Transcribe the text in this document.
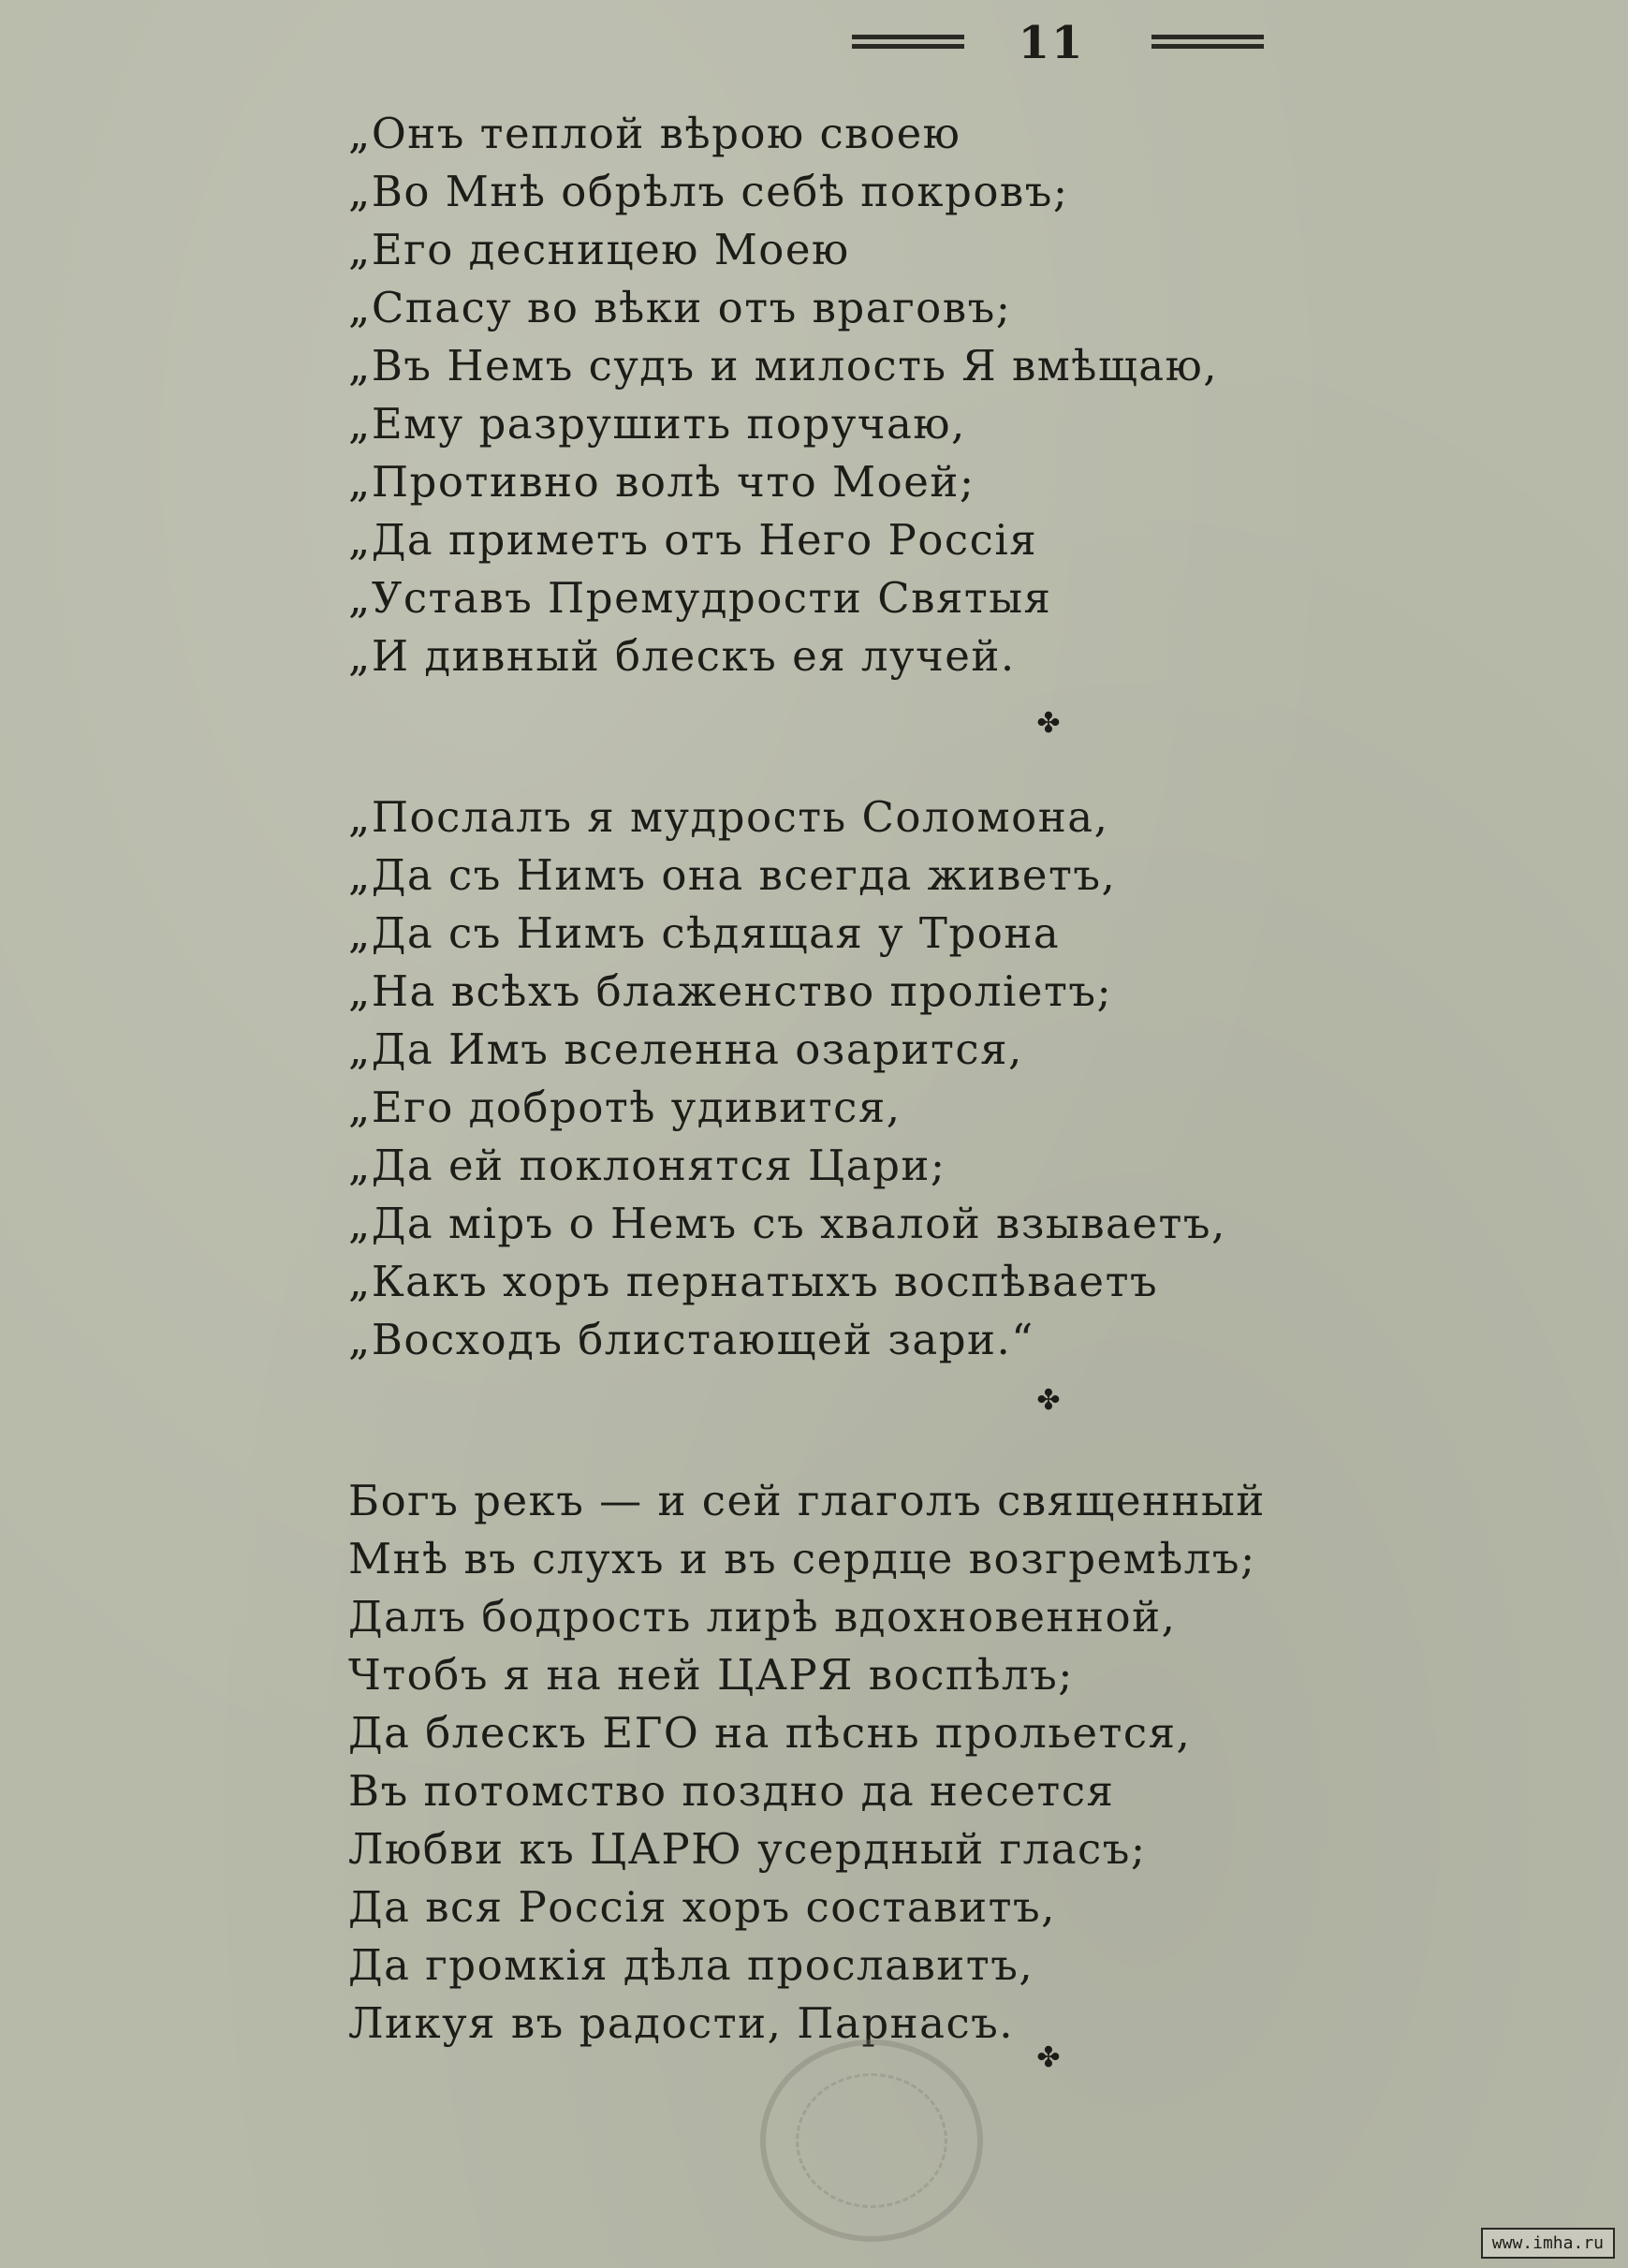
11
„Онъ теплой вѣрою своею
„Во Мнѣ обрѣлъ себѣ покровъ;
„Его десницею Моею
„Спасу во вѣки отъ враговъ;
„Въ Немъ судъ и милость Я вмѣщаю,
„Ему разрушить поручаю,
„Противно волѣ что Моей;
„Да приметъ отъ Него Россія
„Уставъ Премудрости Святыя
„И дивный блескъ ея лучей.
✤
„Послалъ я мудрость Соломона,
„Да съ Нимъ она всегда живетъ,
„Да съ Нимъ сѣдящая у Трона
„На всѣхъ блаженство проліетъ;
„Да Имъ вселенна озарится,
„Его добротѣ удивится,
„Да ей поклонятся Цари;
„Да міръ о Немъ съ хвалой взываетъ,
„Какъ хоръ пернатыхъ воспѣваетъ
„Восходъ блистающей зари.“
✤
Богъ рекъ — и сей глаголъ священный
Мнѣ въ слухъ и въ сердце возгремѣлъ;
Далъ бодрость лирѣ вдохновенной,
Чтобъ я на ней ЦАРЯ воспѣлъ;
Да блескъ ЕГО на пѣснь прольется,
Въ потомство поздно да несется
Любви къ ЦАРЮ усердный гласъ;
Да вся Россія хоръ составитъ,
Да громкія дѣла прославитъ,
Ликуя въ радости, Парнасъ.
✤
www.imha.ru
